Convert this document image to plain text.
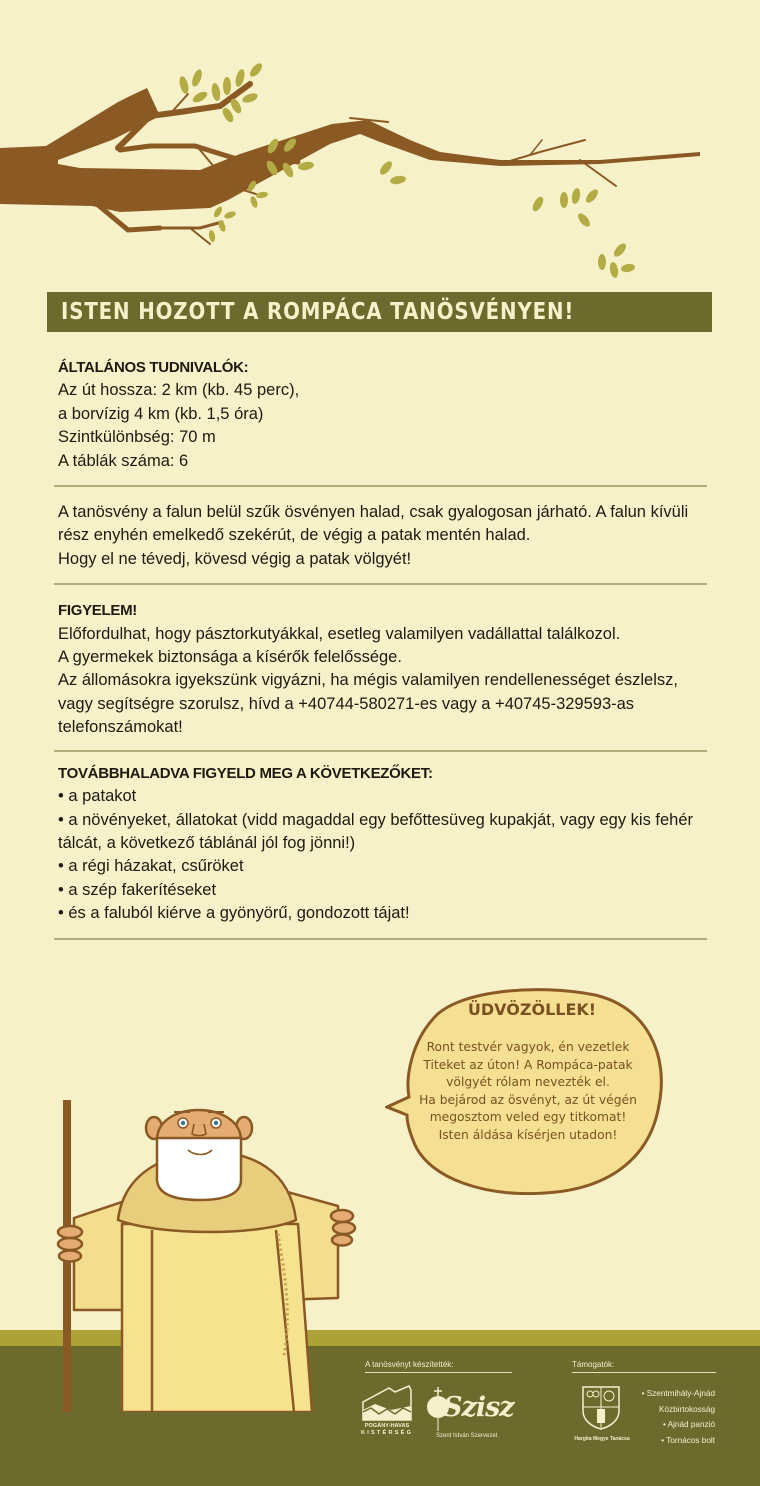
ISTEN HOZOTT A ROMPÁCA TANÖSVÉNYEN!
ÁLTALÁNOS TUDNIVALÓK:

Az út hossza: 2 km (kb. 45 perc),

a borvízig 4 km (kb. 1,5 óra)

Szintkülönbség: 70 m

A táblák száma: 6

A tanösvény a falun belül szűk ösvényen halad, csak gyalogosan járható. A falun kívüli rész enyhén emelkedő szekérút, de végig a patak mentén halad.

Hogy el ne tévedj, kövesd végig a patak völgyét!

FIGYELEM!

Előfordulhat, hogy pásztorkutyákkal, esetleg valamilyen vadállattal találkozol.

A gyermekek biztonsága a kísérők felelőssége.

Az állomásokra igyekszünk vigyázni, ha mégis valamilyen rendellenességet észlelsz, vagy segítségre szorulsz, hívd a +40744-580271-es vagy a +40745-329593-as telefonszámokat!

TOVÁBBHALADVA FIGYELD MEG A KÖVETKEZŐKET:
• a patakot
• a növényeket, állatokat (vidd magaddal egy befőttesüveg kupakját, vagy egy kis fehér tálcát, a következő táblánál jól fog jönni!)
• a régi házakat, csűröket
• a szép fakerítéseket
• és a faluból kiérve a gyönyörű, gondozott tájat!
ÜDVÖZÖLLEK!
Ront testvér vagyok, én vezetlek
Titeket az úton! A Rompáca-patak
völgyét rólam nevezték el.
Ha bejárod az ösvényt, az út végén
megosztom veled egy titkomat!
Isten áldása kísérjen utadon!
A tanösvényt készítették:
POGÁNY-HAVAS
KISTÉRSÉG
Szisz
Szent István Szervezet
Támogatók:
Hargita Megye Tanácsa
• Szentmihály-Ajnád
Közbirtokosság
• Ajnád panzió
• Tornácos bolt
